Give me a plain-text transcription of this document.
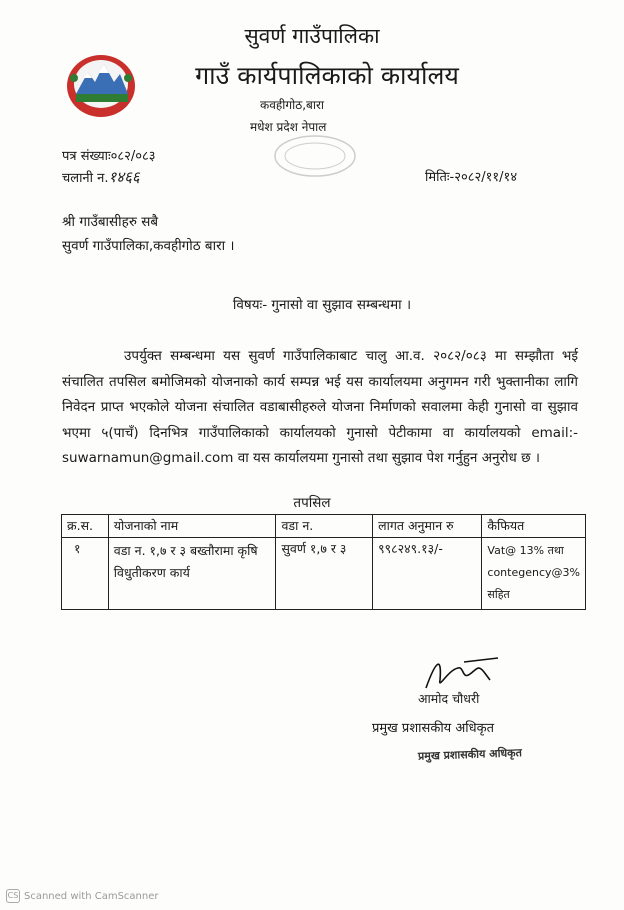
सुवर्ण गाउँपालिका
गाउँ कार्यपालिकाको कार्यालय
कवहीगोठ,बारा
मधेश प्रदेश नेपाल
पत्र संख्याः०८२/०८३
चलानी न.१४६६	मितिः-२०८२/११/१४
श्री गाउँबासीहरु सबै
सुवर्ण गाउँपालिका,कवहीगोठ बारा ।
विषयः- गुनासो वा सुझाव सम्बन्धमा ।
उपर्युक्त सम्बन्धमा यस सुवर्ण गाउँपालिकाबाट चालु आ.व. २०८२/०८३ मा सम्झौता भई संचालित तपसिल बमोजिमको योजनाको कार्य सम्पन्न भई यस कार्यालयमा अनुगमन गरी भुक्तानीका लागि निवेदन प्राप्त भएकोले योजना संचालित वडाबासीहरुले योजना निर्माणको सवालमा केही गुनासो वा सुझाव भएमा ५(पाचँ) दिनभित्र गाउँपालिकाको कार्यालयको गुनासो पेटीकामा वा कार्यालयको email:-suwarnamun@gmail.com वा यस कार्यालयमा गुनासो तथा सुझाव पेश गर्नुहुन अनुरोध छ ।
तपसिल
क्र.स.	योजनाको नाम	वडा न.	लागत अनुमान रु	कैफियत
१	वडा न. १,७ र ३ बख्तौरामा कृषि विधुतीकरण कार्य	सुवर्ण १,७ र ३	९९८२४९.१३/-	Vat@ 13% तथा
contegency@3%
सहित
आमोद चौधरी
प्रमुख प्रशासकीय अधिकृत
प्रमुख प्रशासकीय अधिकृत
CS Scanned with CamScanner
